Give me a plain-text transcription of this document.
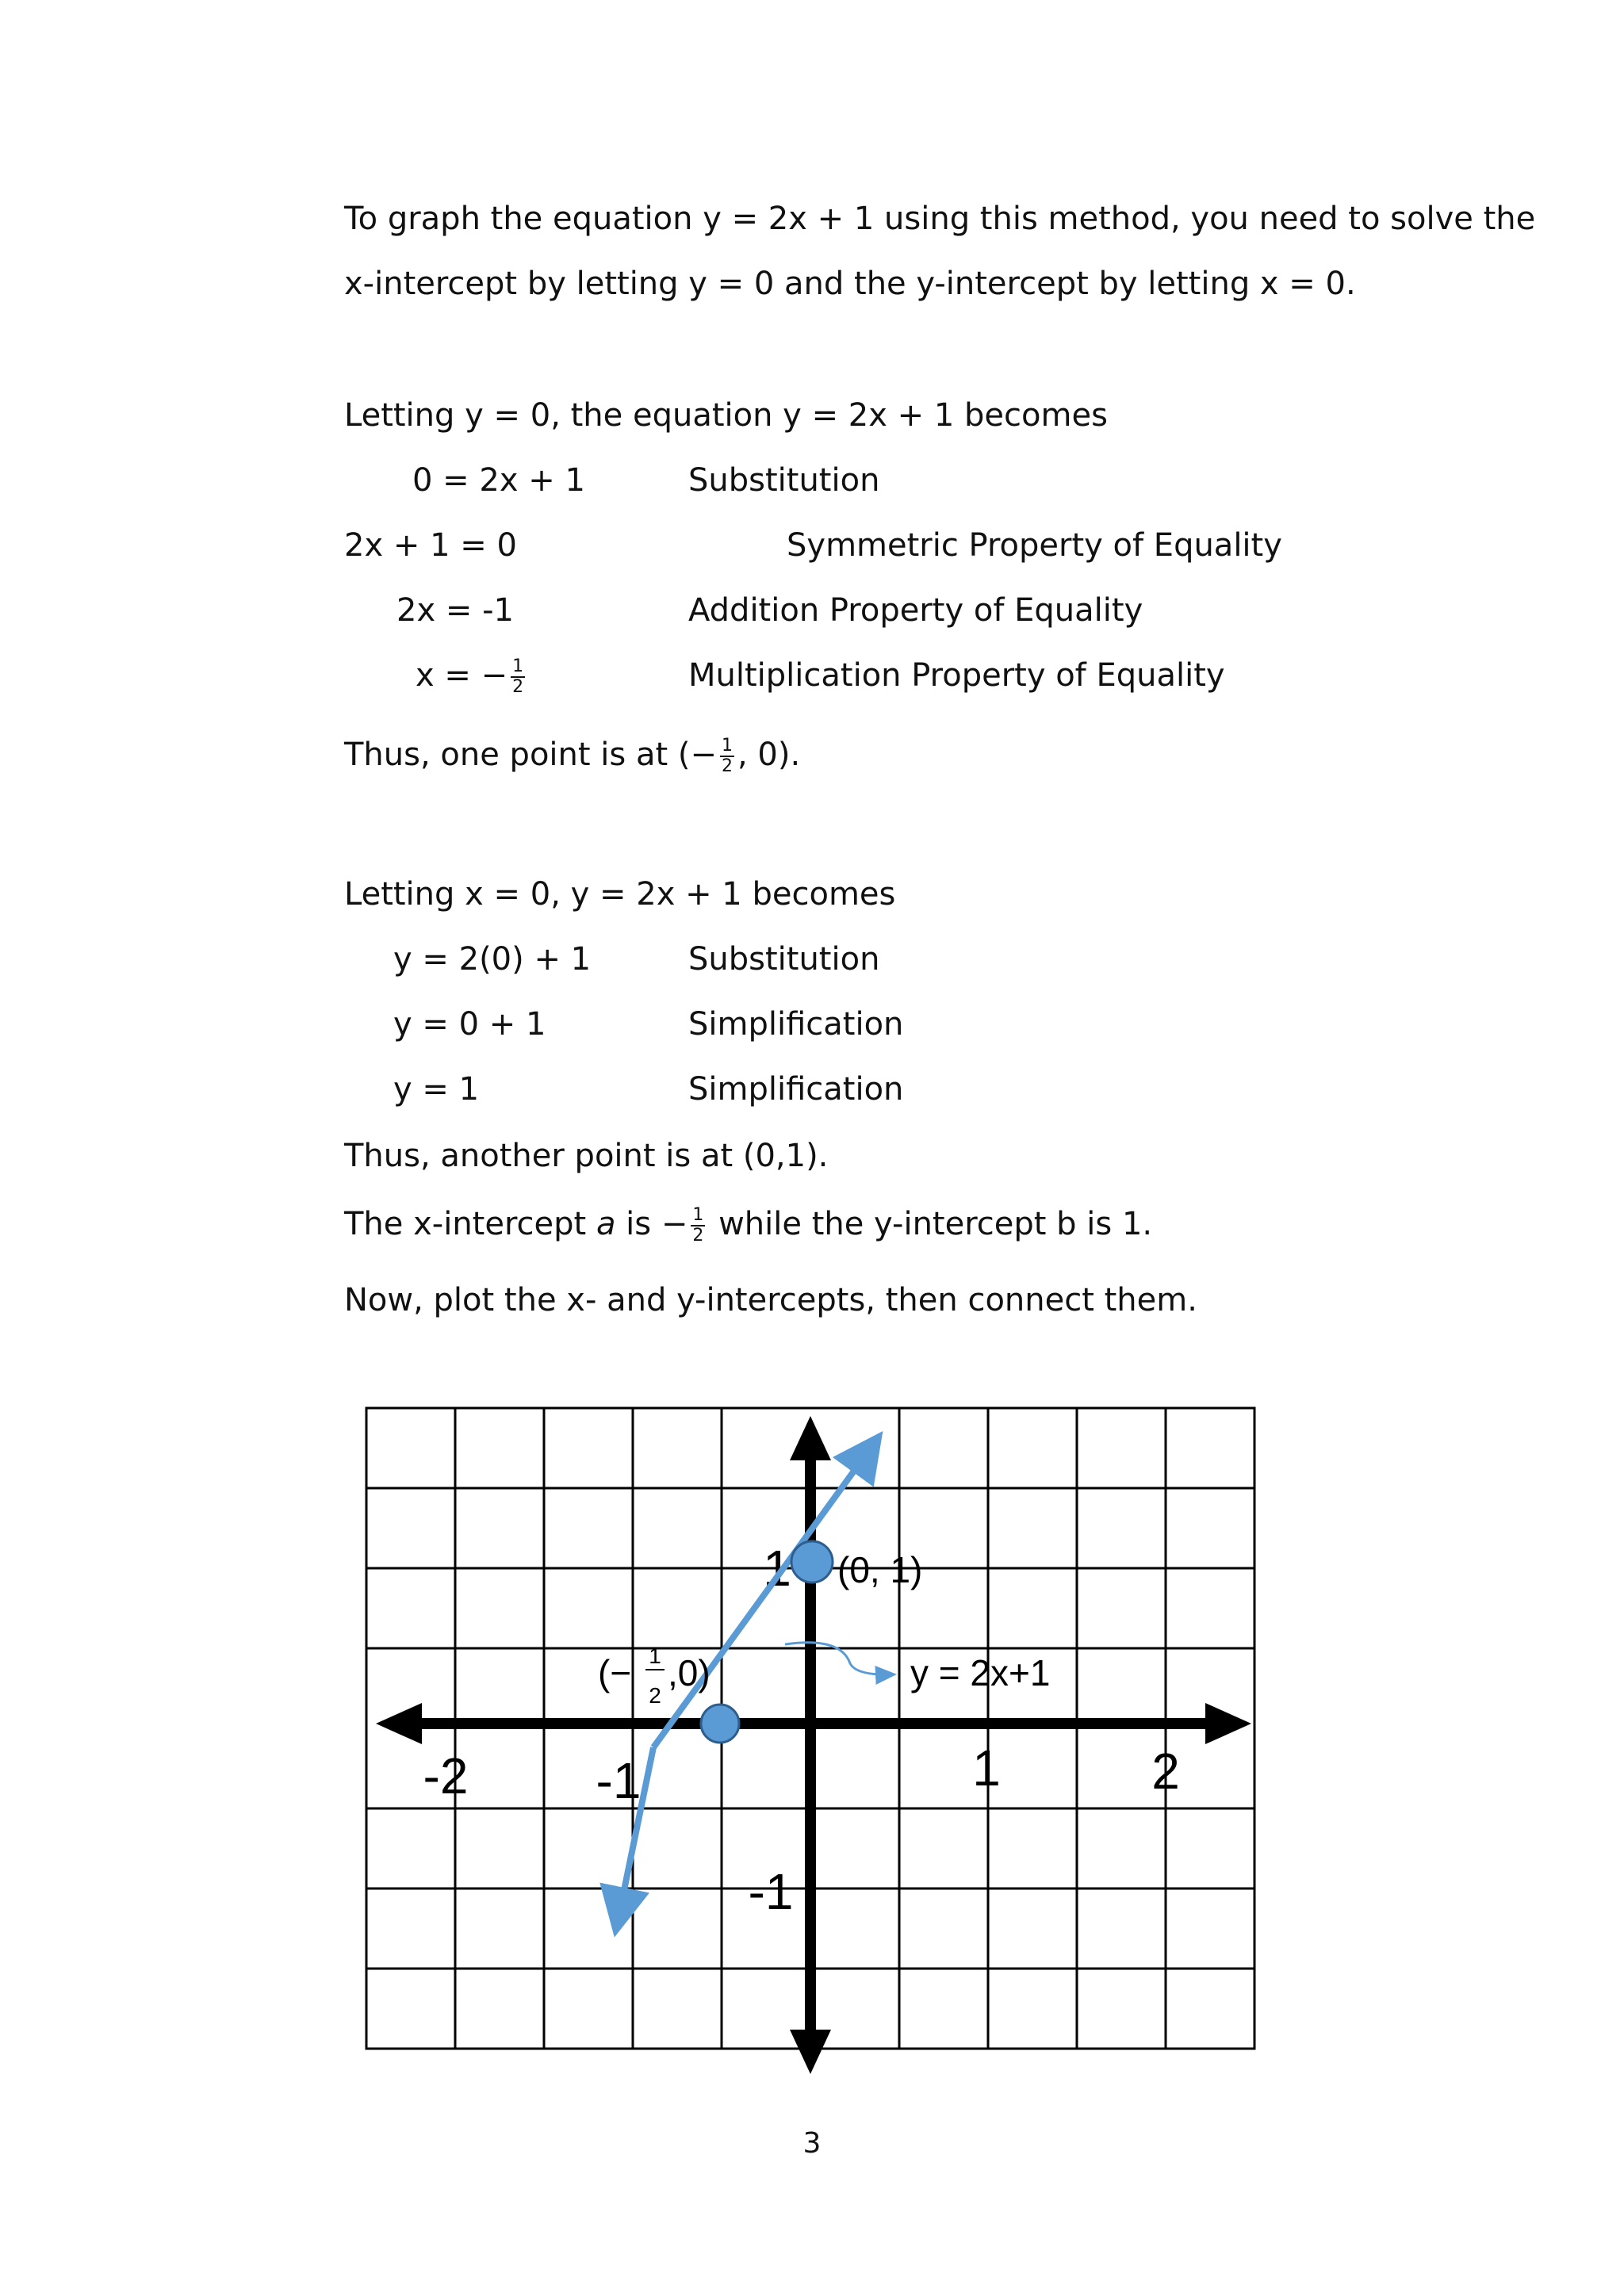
To graph the equation y = 2x + 1 using this method, you need to solve the
x-intercept by letting y = 0 and the y-intercept by letting x = 0.
Letting y = 0, the equation y = 2x + 1 becomes
0 = 2x + 1	Substitution
2x + 1 = 0	Symmetric Property of Equality
2x = -1	Addition Property of Equality
x = − $\frac{1}{2}$	Multiplication Property of Equality
Thus, one point is at (− $\frac{1}{2}$ , 0).
Letting x = 0, y = 2x + 1 becomes
y = 2(0) + 1	Substitution
y = 0 + 1	Simplification
y = 1	Simplification
Thus, another point is at (0,1).
The x-intercept a is − $\frac{1}{2}$ while the y-intercept b is 1.
Now, plot the x- and y-intercepts, then connect them.
-2	-1	1	2
1
-1
(− 1
2
,0)
(0, 1)
y = 2x+1
3
